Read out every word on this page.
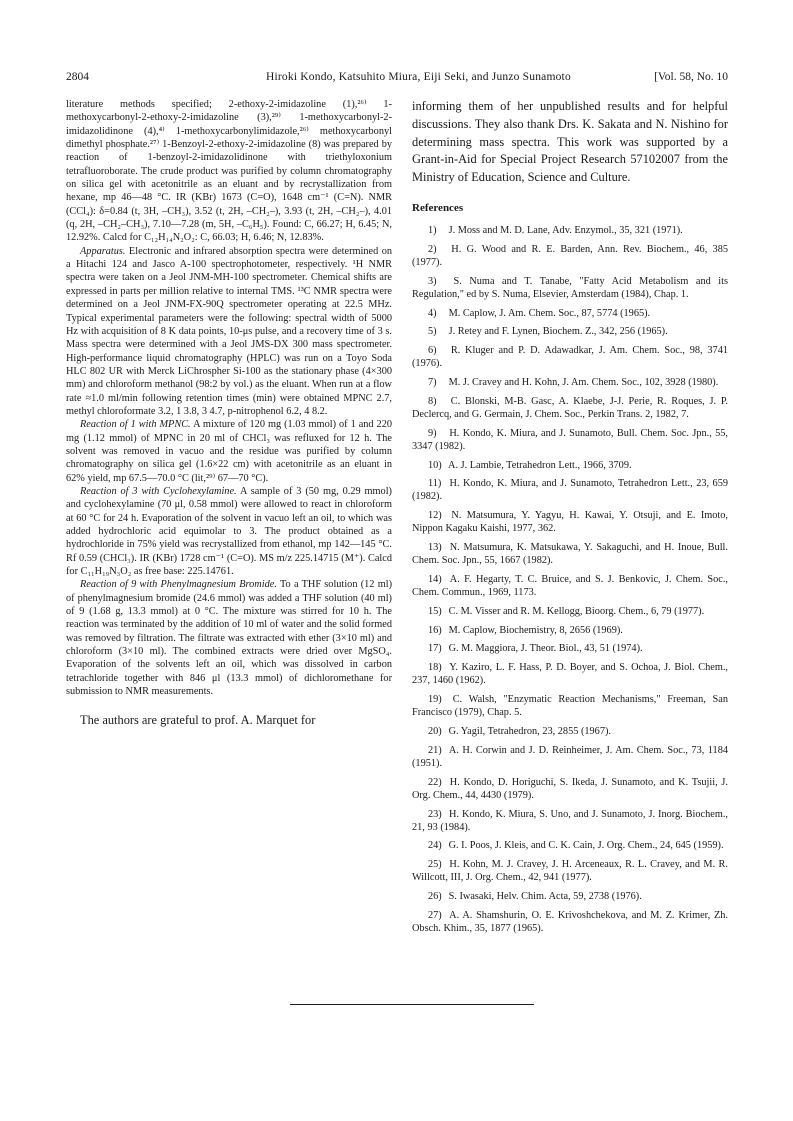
2804	Hiroki Kondo, Katsuhito Miura, Eiji Seki, and Junzo Sunamoto	[Vol. 58, No. 10

literature methods specified; 2-ethoxy-2-imidazoline (1),²⁶⁾ 1-methoxycarbonyl-2-ethoxy-2-imidazoline (3),²⁹⁾ 1-methoxycarbonyl-2-imidazolidinone (4),⁴⁾ 1-methoxycarbonylimidazole,²⁶⁾ methoxycarbonyl dimethyl phosphate.²⁷⁾ 1-Benzoyl-2-ethoxy-2-imidazoline (8) was prepared by reaction of 1-benzoyl-2-imidazolidinone with triethyloxonium tetrafluoroborate. The crude product was purified by column chromatography on silica gel with acetonitrile as an eluant and by recrystallization from hexane, mp 46—48 °C. IR (KBr) 1673 (C=O), 1648 cm⁻¹ (C=N). NMR (CCl₄): δ=0.84 (t, 3H, –CH₃), 3.52 (t, 2H, –CH₂–), 3.93 (t, 2H, –CH₂–), 4.01 (q, 2H, –CH₂–CH₃), 7.10—7.28 (m, 5H, –C₆H₅). Found: C, 66.27; H, 6.45; N, 12.92%. Calcd for C₁₂H₁₄N₂O₂: C, 66.03; H, 6.46; N, 12.83%.

Apparatus. Electronic and infrared absorption spectra were determined on a Hitachi 124 and Jasco A-100 spectrophotometer, respectively. ¹H NMR spectra were taken on a Jeol JNM-MH-100 spectrometer. Chemical shifts are expressed in parts per million relative to internal TMS. ¹³C NMR spectra were determined on a Jeol JNM-FX-90Q spectrometer operating at 22.5 MHz. Typical experimental parameters were the following: spectral width of 5000 Hz with acquisition of 8 K data points, 10-μs pulse, and a recovery time of 3 s. Mass spectra were determined with a Jeol JMS-DX 300 mass spectrometer. High-performance liquid chromatography (HPLC) was run on a Toyo Soda HLC 802 UR with Merck LiChrospher Si-100 as the stationary phase (4×300 mm) and chloroform methanol (98:2 by vol.) as the eluant. When run at a flow rate ≈1.0 ml/min following retention times (min) were obtained MPNC 2.7, methyl chloroformate 3.2, 1 3.8, 3 4.7, p-nitrophenol 6.2, 4 8.2.

Reaction of 1 with MPNC. A mixture of 120 mg (1.03 mmol) of 1 and 220 mg (1.12 mmol) of MPNC in 20 ml of CHCl₃ was refluxed for 12 h. The solvent was removed in vacuo and the residue was purified by column chromatography on silica gel (1.6×22 cm) with acetonitrile as an eluant in 62% yield, mp 67.5—70.0 °C (lit,²⁹⁾ 67—70 °C).

Reaction of 3 with Cyclohexylamine. A sample of 3 (50 mg, 0.29 mmol) and cyclohexylamine (70 μl, 0.58 mmol) were allowed to react in chloroform at 60 °C for 24 h. Evaporation of the solvent in vacuo left an oil, to which was added hydrochloric acid equimolar to 3. The product obtained as a hydrochloride in 75% yield was recrystallized from ethanol, mp 142—145 °C. Rf 0.59 (CHCl₃). IR (KBr) 1728 cm⁻¹ (C=O). MS m/z 225.14715 (M⁺). Calcd for C₁₁H₁₉N₃O₂ as free base: 225.14761.

Reaction of 9 with Phenylmagnesium Bromide. To a THF solution (12 ml) of phenylmagnesium bromide (24.6 mmol) was added a THF solution (40 ml) of 9 (1.68 g, 13.3 mmol) at 0 °C. The mixture was stirred for 10 h. The reaction was terminated by the addition of 10 ml of water and the solid formed was removed by filtration. The filtrate was extracted with ether (3×10 ml) and chloroform (3×10 ml). The combined extracts were dried over MgSO₄. Evaporation of the solvents left an oil, which was dissolved in carbon tetrachloride together with 846 μl (13.3 mmol) of dichloromethane for submission to NMR measurements.

The authors are grateful to prof. A. Marquet for

informing them of her unpublished results and for helpful discussions. They also thank Drs. K. Sakata and N. Nishino for determining mass spectra. This work was supported by a Grant-in-Aid for Special Project Research 57102007 from the Ministry of Education, Science and Culture.

References
1) J. Moss and M. D. Lane, Adv. Enzymol., 35, 321 (1971).
2) H. G. Wood and R. E. Barden, Ann. Rev. Biochem., 46, 385 (1977).
3) S. Numa and T. Tanabe, "Fatty Acid Metabolism and its Regulation," ed by S. Numa, Elsevier, Amsterdam (1984), Chap. 1.
4) M. Caplow, J. Am. Chem. Soc., 87, 5774 (1965).
5) J. Retey and F. Lynen, Biochem. Z., 342, 256 (1965).
6) R. Kluger and P. D. Adawadkar, J. Am. Chem. Soc., 98, 3741 (1976).
7) M. J. Cravey and H. Kohn, J. Am. Chem. Soc., 102, 3928 (1980).
8) C. Blonski, M-B. Gasc, A. Klaebe, J-J. Perie, R. Roques, J. P. Declercq, and G. Germain, J. Chem. Soc., Perkin Trans. 2, 1982, 7.
9) H. Kondo, K. Miura, and J. Sunamoto, Bull. Chem. Soc. Jpn., 55, 3347 (1982).
10) A. J. Lambie, Tetrahedron Lett., 1966, 3709.
11) H. Kondo, K. Miura, and J. Sunamoto, Tetrahedron Lett., 23, 659 (1982).
12) N. Matsumura, Y. Yagyu, H. Kawai, Y. Otsuji, and E. Imoto, Nippon Kagaku Kaishi, 1977, 362.
13) N. Matsumura, K. Matsukawa, Y. Sakaguchi, and H. Inoue, Bull. Chem. Soc. Jpn., 55, 1667 (1982).
14) A. F. Hegarty, T. C. Bruice, and S. J. Benkovic, J. Chem. Soc., Chem. Commun., 1969, 1173.
15) C. M. Visser and R. M. Kellogg, Bioorg. Chem., 6, 79 (1977).
16) M. Caplow, Biochemistry, 8, 2656 (1969).
17) G. M. Maggiora, J. Theor. Biol., 43, 51 (1974).
18) Y. Kaziro, L. F. Hass, P. D. Boyer, and S. Ochoa, J. Biol. Chem., 237, 1460 (1962).
19) C. Walsh, "Enzymatic Reaction Mechanisms," Freeman, San Francisco (1979), Chap. 5.
20) G. Yagil, Tetrahedron, 23, 2855 (1967).
21) A. H. Corwin and J. D. Reinheimer, J. Am. Chem. Soc., 73, 1184 (1951).
22) H. Kondo, D. Horiguchi, S. Ikeda, J. Sunamoto, and K. Tsujii, J. Org. Chem., 44, 4430 (1979).
23) H. Kondo, K. Miura, S. Uno, and J. Sunamoto, J. Inorg. Biochem., 21, 93 (1984).
24) G. I. Poos, J. Kleis, and C. K. Cain, J. Org. Chem., 24, 645 (1959).
25) H. Kohn, M. J. Cravey, J. H. Arceneaux, R. L. Cravey, and M. R. Willcott, III, J. Org. Chem., 42, 941 (1977).
26) S. Iwasaki, Helv. Chim. Acta, 59, 2738 (1976).
27) A. A. Shamshurin, O. E. Krivoshchekova, and M. Z. Krimer, Zh. Obsch. Khim., 35, 1877 (1965).
